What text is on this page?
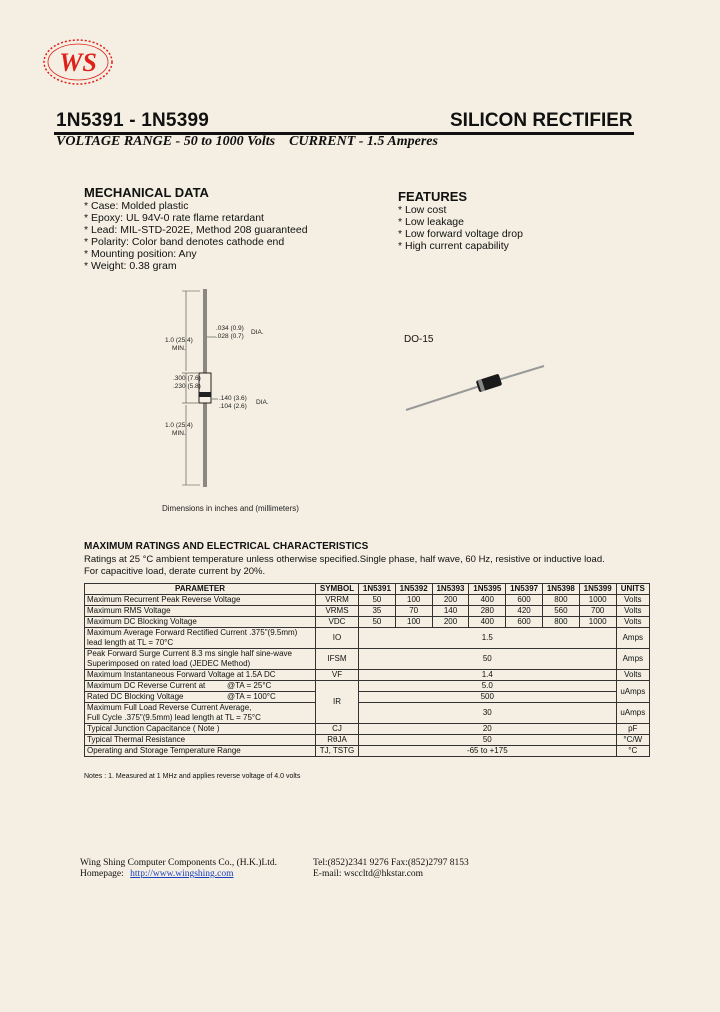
WS
1N5391 - 1N5399	SILICON RECTIFIER
VOLTAGE RANGE - 50 to 1000 Volts CURRENT - 1.5 Amperes
MECHANICAL DATA
* Case: Molded plastic
* Epoxy: UL 94V-0 rate flame retardant
* Lead: MIL-STD-202E, Method 208 guaranteed
* Polarity: Color band denotes cathode end
* Mounting position: Any
* Weight: 0.38 gram
FEATURES
* Low cost
* Low leakage
* Low forward voltage drop
* High current capability
1.0 (25.4)
MIN.
.034 (0.9)
.028 (0.7)
DIA.
.300 (7.6)
.230 (5.8)
.140 (3.6)
.104 (2.6)
DIA.
1.0 (25.4)
MIN.
Dimensions in inches and (millimeters)
DO-15
MAXIMUM RATINGS AND ELECTRICAL CHARACTERISTICS
Ratings at 25 °C ambient temperature unless otherwise specified.Single phase, half wave, 60 Hz, resistive or inductive load.
For capacitive load, derate current by 20%.
PARAMETER	SYMBOL	1N5391	1N5392	1N5393	1N5395	1N5397	1N5398	1N5399	UNITS
Maximum Recurrent Peak Reverse Voltage	VRRM	50	100	200	400	600	800	1000	Volts
Maximum RMS Voltage	VRMS	35	70	140	280	420	560	700	Volts
Maximum DC Blocking Voltage	VDC	50	100	200	400	600	800	1000	Volts

Maximum Average Forward Rectified Current .375"(9.5mm)
lead length at TL = 70°C	IO	1.5							Amps

Peak Forward Surge Current 8.3 ms single half sine-wave
Superimposed on rated load (JEDEC Method)	IFSM	50							Amps
Maximum Instantaneous Forward Voltage at 1.5A DC	VF	1.4							Volts
Maximum DC Reverse Current at @TA = 25°C	IR	5.0							uAmps
Rated DC Blocking Voltage @TA = 100°C		500							

Maximum Full Load Reverse Current Average,
Full Cycle .375"(9.5mm) lead length at TL = 75°C		30							uAmps
Typical Junction Capacitance ( Note )	CJ	20							pF
Typical Thermal Resistance	RθJA	50							°C/W
Operating and Storage Temperature Range	TJ, TSTG	-65 to +175							°C
Notes : 1. Measured at 1 MHz and applies reverse voltage of 4.0 volts
Wing Shing Computer Components Co., (H.K.)Ltd.	Tel:(852)2341 9276 Fax:(852)2797 8153
Homepage: http://www.wingshing.com	E-mail: wsccltd@hkstar.com
